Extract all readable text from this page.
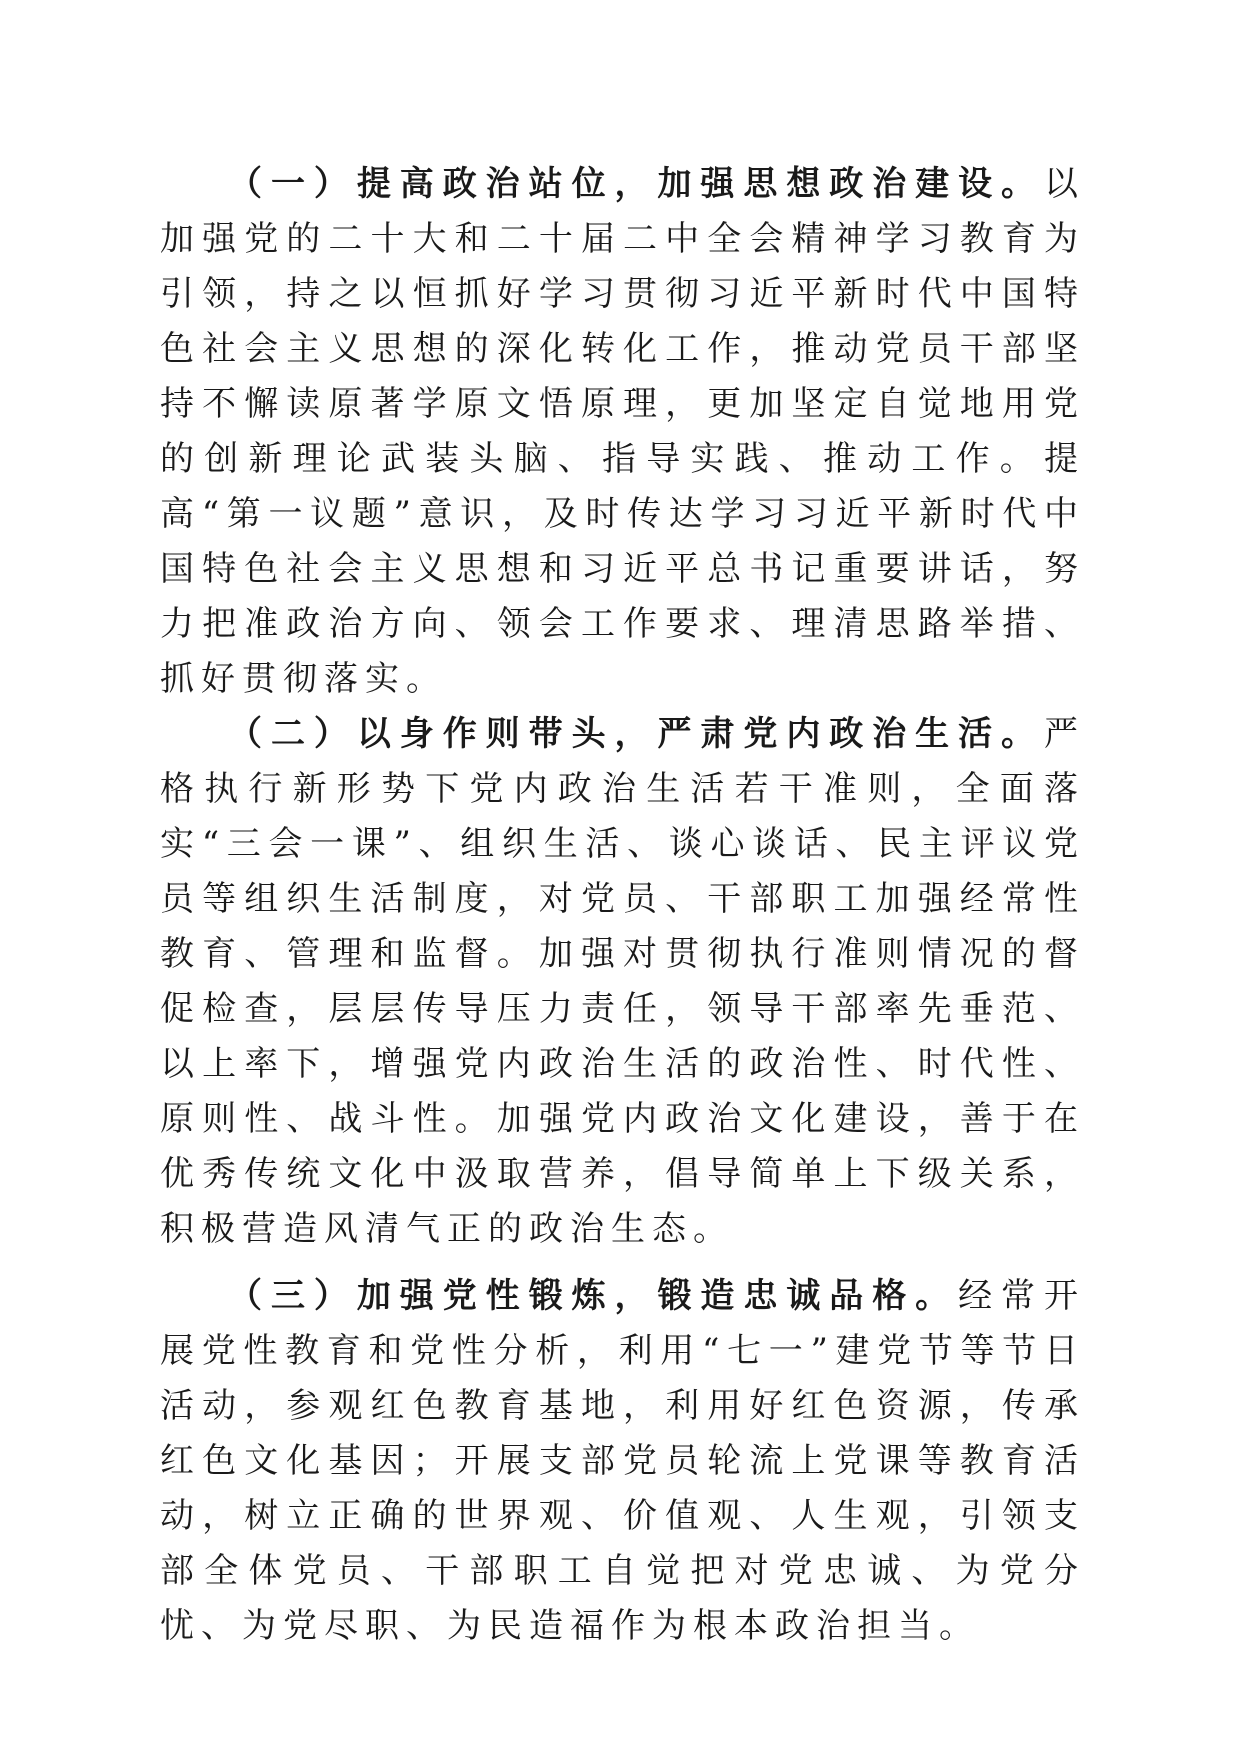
（一）提高政治站位，加强思想政治建设。以加强党的二十大和二十届二中全会精神学习教育为引领，持之以恒抓好学习贯彻习近平新时代中国特色社会主义思想的深化转化工作，推动党员干部坚持不懈读原著学原文悟原理，更加坚定自觉地用党的创新理论武装头脑、指导实践、推动工作。提高“第一议题”意识，及时传达学习习近平新时代中国特色社会主义思想和习近平总书记重要讲话，努力把准政治方向、领会工作要求、理清思路举措、抓好贯彻落实。

（二）以身作则带头，严肃党内政治生活。严格执行新形势下党内政治生活若干准则，全面落实“三会一课”、组织生活、谈心谈话、民主评议党员等组织生活制度，对党员、干部职工加强经常性教育、管理和监督。加强对贯彻执行准则情况的督促检查，层层传导压力责任，领导干部率先垂范、以上率下，增强党内政治生活的政治性、时代性、原则性、战斗性。加强党内政治文化建设，善于在优秀传统文化中汲取营养，倡导简单上下级关系，积极营造风清气正的政治生态。

（三）加强党性锻炼，锻造忠诚品格。经常开展党性教育和党性分析，利用“七一”建党节等节日活动，参观红色教育基地，利用好红色资源，传承红色文化基因；开展支部党员轮流上党课等教育活动，树立正确的世界观、价值观、人生观，引领支部全体党员、干部职工自觉把对党忠诚、为党分忧、为党尽职、为民造福作为根本政治担当。
